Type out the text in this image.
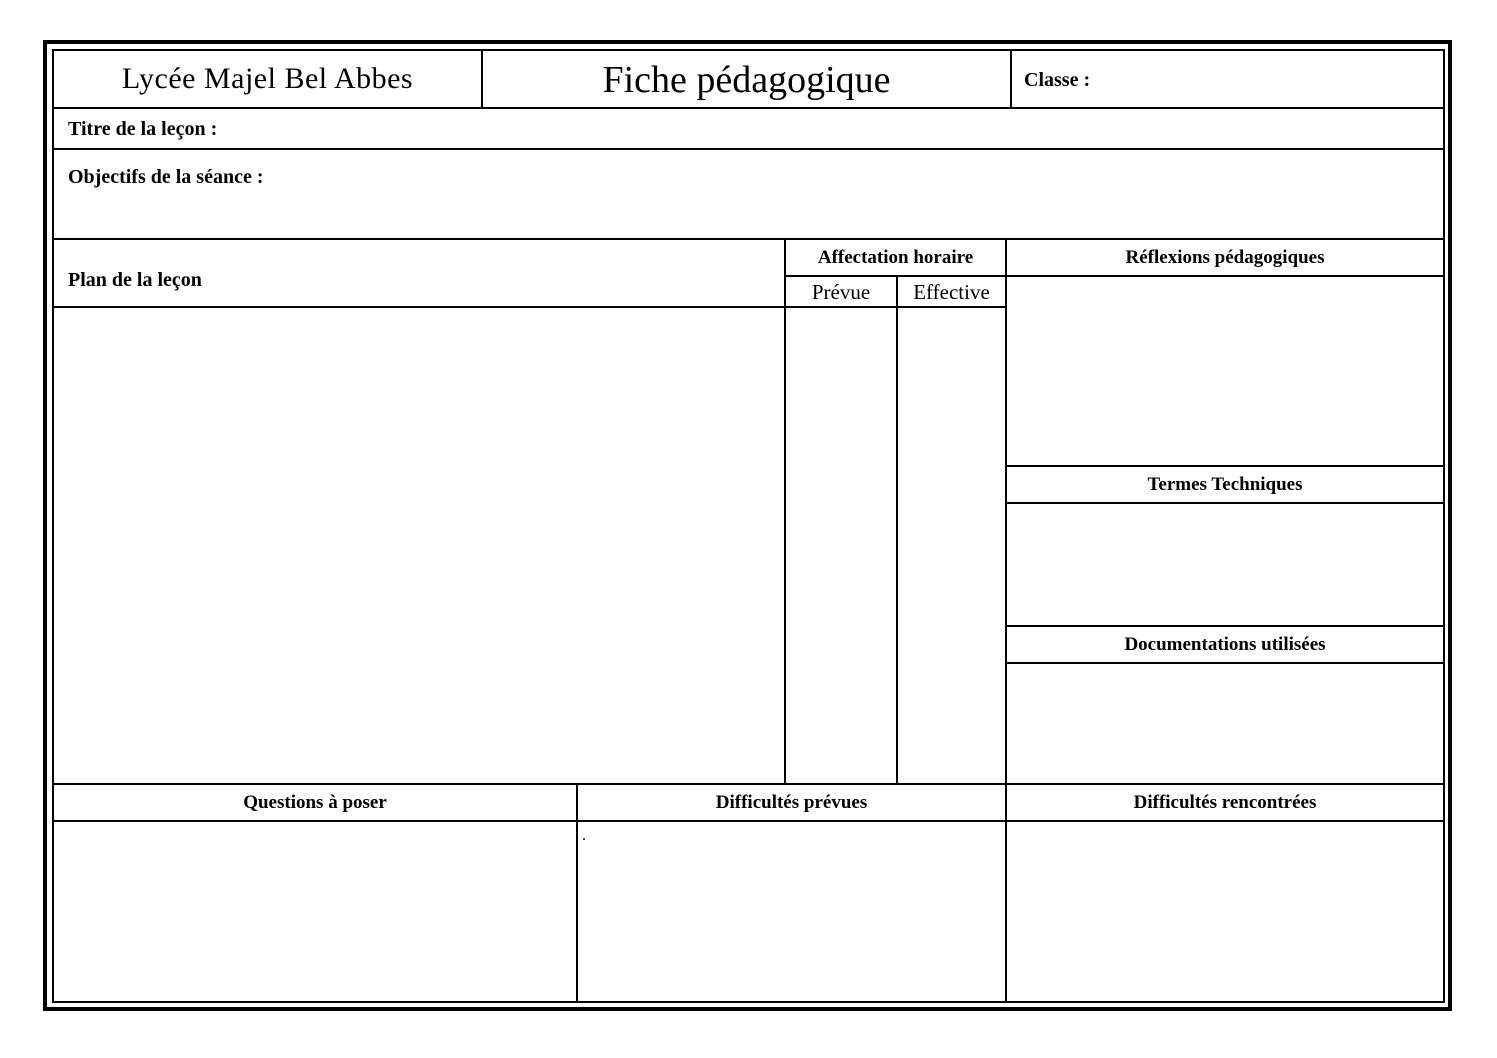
Lycée Majel Bel Abbes	Fiche pédagogique	Classe :
Titre de la leçon :
Objectifs de la séance :
Plan de la leçon
Affectation horaire
Prévue Effective
Réflexions pédagogiques
Termes Techniques
Documentations utilisées
Questions à poser	Difficultés prévues	Difficultés rencontrées
.
